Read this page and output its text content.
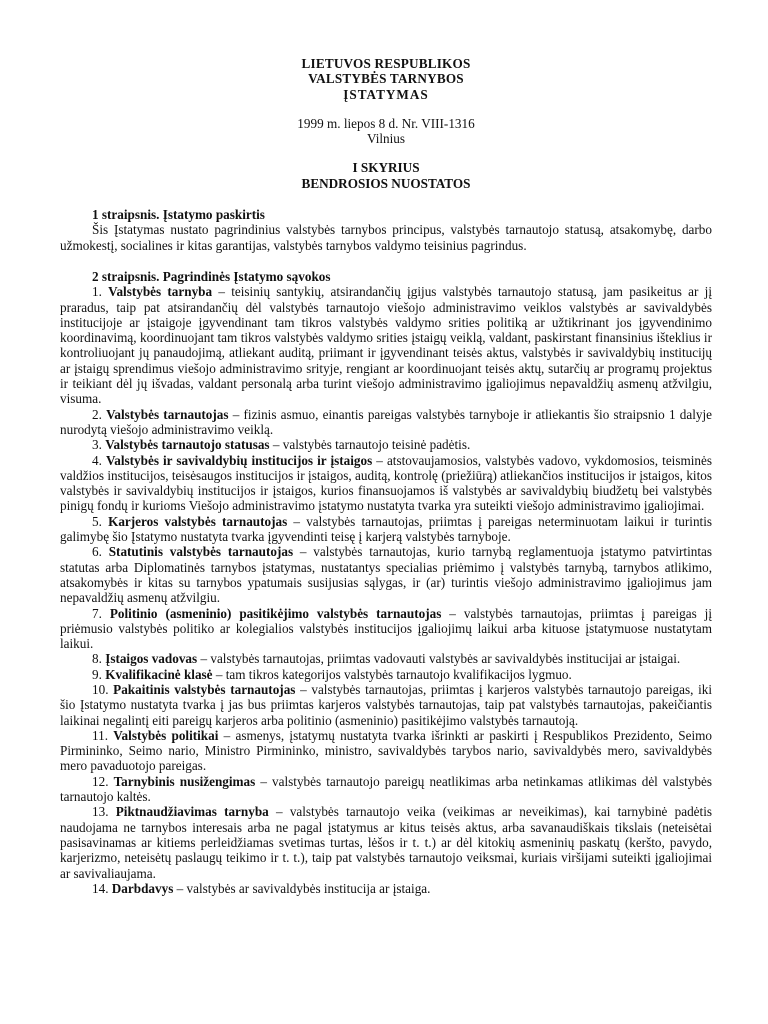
LIETUVOS RESPUBLIKOS
VALSTYBĖS TARNYBOS
ĮSTATYMAS
1999 m. liepos 8 d. Nr. VIII-1316
Vilnius
I SKYRIUS
BENDROSIOS NUOSTATOS
1 straipsnis. Įstatymo paskirtis

Šis Įstatymas nustato pagrindinius valstybės tarnybos principus, valstybės tarnautojo statusą, atsakomybę, darbo užmokestį, socialines ir kitas garantijas, valstybės tarnybos valdymo teisinius pagrindus.

2 straipsnis. Pagrindinės Įstatymo sąvokos

1. Valstybės tarnyba – teisinių santykių, atsirandančių įgijus valstybės tarnautojo statusą, jam pasikeitus ar jį praradus, taip pat atsirandančių dėl valstybės tarnautojo viešojo administravimo veiklos valstybės ar savivaldybės institucijoje ar įstaigoje įgyvendinant tam tikros valstybės valdymo srities politiką ar užtikrinant jos įgyvendinimo koordinavimą, koordinuojant tam tikros valstybės valdymo srities įstaigų veiklą, valdant, paskirstant finansinius išteklius ir kontroliuojant jų panaudojimą, atliekant auditą, priimant ir įgyvendinant teisės aktus, valstybės ir savivaldybių institucijų ar įstaigų sprendimus viešojo administravimo srityje, rengiant ar koordinuojant teisės aktų, sutarčių ar programų projektus ir teikiant dėl jų išvadas, valdant personalą arba turint viešojo administravimo įgaliojimus nepavaldžių asmenų atžvilgiu, visuma.

2. Valstybės tarnautojas – fizinis asmuo, einantis pareigas valstybės tarnyboje ir atliekantis šio straipsnio 1 dalyje nurodytą viešojo administravimo veiklą.

3. Valstybės tarnautojo statusas – valstybės tarnautojo teisinė padėtis.

4. Valstybės ir savivaldybių institucijos ir įstaigos – atstovaujamosios, valstybės vadovo, vykdomosios, teisminės valdžios institucijos, teisėsaugos institucijos ir įstaigos, auditą, kontrolę (priežiūrą) atliekančios institucijos ir įstaigos, kitos valstybės ir savivaldybių institucijos ir įstaigos, kurios finansuojamos iš valstybės ar savivaldybių biudžetų bei valstybės pinigų fondų ir kurioms Viešojo administravimo įstatymo nustatyta tvarka yra suteikti viešojo administravimo įgaliojimai.

5. Karjeros valstybės tarnautojas – valstybės tarnautojas, priimtas į pareigas neterminuotam laikui ir turintis galimybę šio Įstatymo nustatyta tvarka įgyvendinti teisę į karjerą valstybės tarnyboje.

6. Statutinis valstybės tarnautojas – valstybės tarnautojas, kurio tarnybą reglamentuoja įstatymo patvirtintas statutas arba Diplomatinės tarnybos įstatymas, nustatantys specialias priėmimo į valstybės tarnybą, tarnybos atlikimo, atsakomybės ir kitas su tarnybos ypatumais susijusias sąlygas, ir (ar) turintis viešojo administravimo įgaliojimus jam nepavaldžių asmenų atžvilgiu.

7. Politinio (asmeninio) pasitikėjimo valstybės tarnautojas – valstybės tarnautojas, priimtas į pareigas jį priėmusio valstybės politiko ar kolegialios valstybės institucijos įgaliojimų laikui arba kituose įstatymuose nustatytam laikui.

8. Įstaigos vadovas – valstybės tarnautojas, priimtas vadovauti valstybės ar savivaldybės institucijai ar įstaigai.

9. Kvalifikacinė klasė – tam tikros kategorijos valstybės tarnautojo kvalifikacijos lygmuo.

10. Pakaitinis valstybės tarnautojas – valstybės tarnautojas, priimtas į karjeros valstybės tarnautojo pareigas, iki šio Įstatymo nustatyta tvarka į jas bus priimtas karjeros valstybės tarnautojas, taip pat valstybės tarnautojas, pakeičiantis laikinai negalintį eiti pareigų karjeros arba politinio (asmeninio) pasitikėjimo valstybės tarnautoją.

11. Valstybės politikai – asmenys, įstatymų nustatyta tvarka išrinkti ar paskirti į Respublikos Prezidento, Seimo Pirmininko, Seimo nario, Ministro Pirmininko, ministro, savivaldybės tarybos nario, savivaldybės mero, savivaldybės mero pavaduotojo pareigas.

12. Tarnybinis nusižengimas – valstybės tarnautojo pareigų neatlikimas arba netinkamas atlikimas dėl valstybės tarnautojo kaltės.

13. Piktnaudžiavimas tarnyba – valstybės tarnautojo veika (veikimas ar neveikimas), kai tarnybinė padėtis naudojama ne tarnybos interesais arba ne pagal įstatymus ar kitus teisės aktus, arba savanaudiškais tikslais (neteisėtai pasisavinamas ar kitiems perleidžiamas svetimas turtas, lėšos ir t. t.) ar dėl kitokių asmeninių paskatų (keršto, pavydo, karjerizmo, neteisėtų paslaugų teikimo ir t. t.), taip pat valstybės tarnautojo veiksmai, kuriais viršijami suteikti įgaliojimai ar savivaliaujama.

14. Darbdavys – valstybės ar savivaldybės institucija ar įstaiga.
